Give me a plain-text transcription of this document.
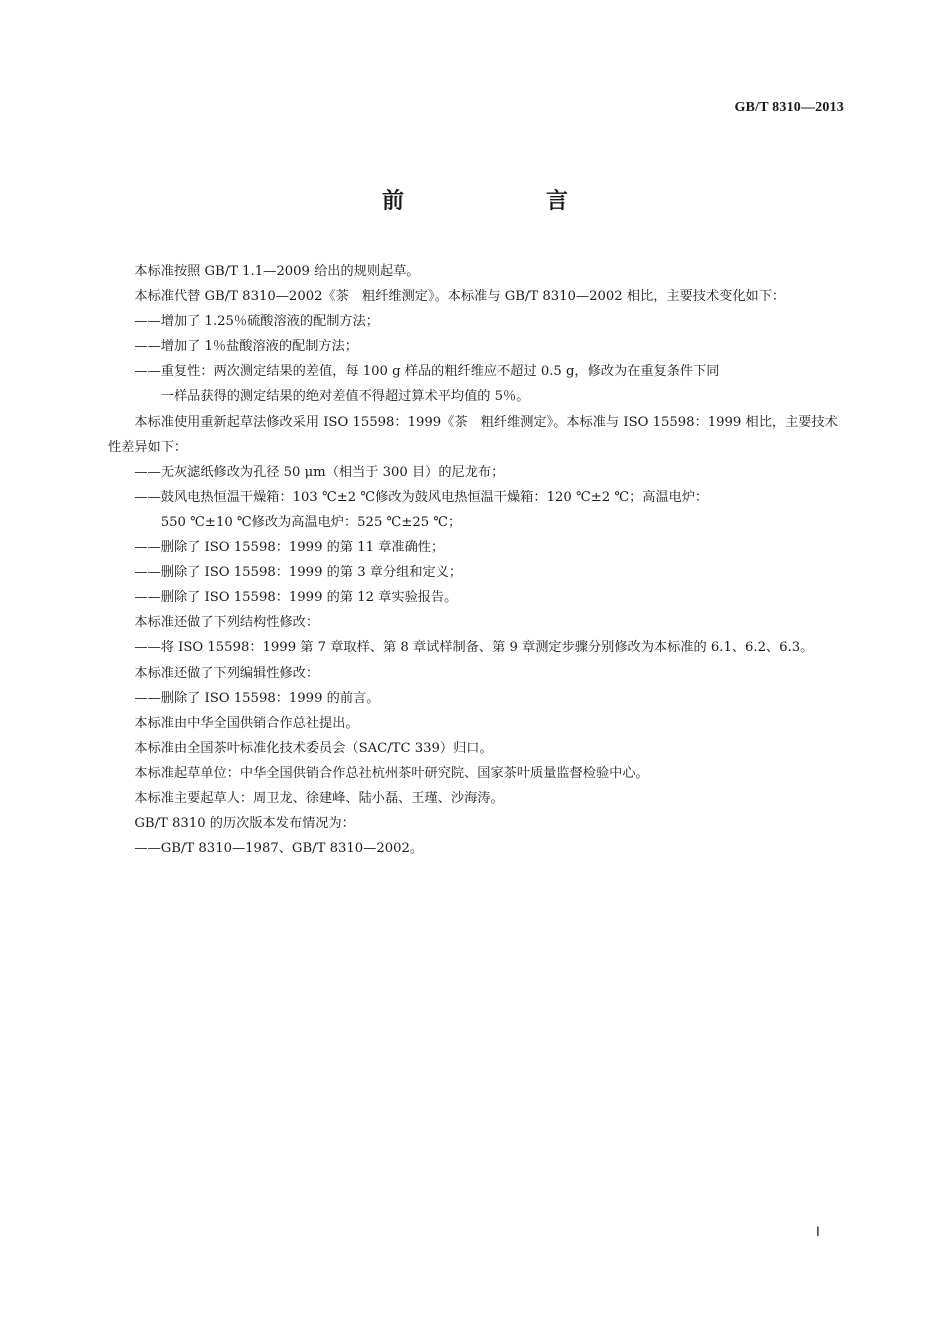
GB/T 8310—2013
前　言

本标准按照 GB/T 1.1—2009 给出的规则起草。

本标准代替 GB/T 8310—2002《茶　粗纤维测定》。本标准与 GB/T 8310—2002 相比，主要技术变化如下：

——增加了 1.25％硫酸溶液的配制方法；

——增加了 1％盐酸溶液的配制方法；

——重复性：两次测定结果的差值，每 100 g 样品的粗纤维应不超过 0.5 g，修改为在重复条件下同
一样品获得的测定结果的绝对差值不得超过算术平均值的 5％。

本标准使用重新起草法修改采用 ISO 15598：1999《茶　粗纤维测定》。本标准与 ISO 15598：1999 相比，主要技术性差异如下：

——无灰滤纸修改为孔径 50 μm（相当于 300 目）的尼龙布；

——鼓风电热恒温干燥箱：103 ℃±2 ℃修改为鼓风电热恒温干燥箱：120 ℃±2 ℃；高温电炉：
550 ℃±10 ℃修改为高温电炉：525 ℃±25 ℃；

——删除了 ISO 15598：1999 的第 11 章准确性；

——删除了 ISO 15598：1999 的第 3 章分组和定义；

——删除了 ISO 15598：1999 的第 12 章实验报告。

本标准还做了下列结构性修改：

——将 ISO 15598：1999 第 7 章取样、第 8 章试样制备、第 9 章测定步骤分别修改为本标准的 6.1、6.2、6.3。

本标准还做了下列编辑性修改：

——删除了 ISO 15598：1999 的前言。

本标准由中华全国供销合作总社提出。

本标准由全国茶叶标准化技术委员会（SAC/TC 339）归口。

本标准起草单位：中华全国供销合作总社杭州茶叶研究院、国家茶叶质量监督检验中心。

本标准主要起草人：周卫龙、徐建峰、陆小磊、王瑾、沙海涛。

GB/T 8310 的历次版本发布情况为：

——GB/T 8310—1987、GB/T 8310—2002。

Ⅰ
